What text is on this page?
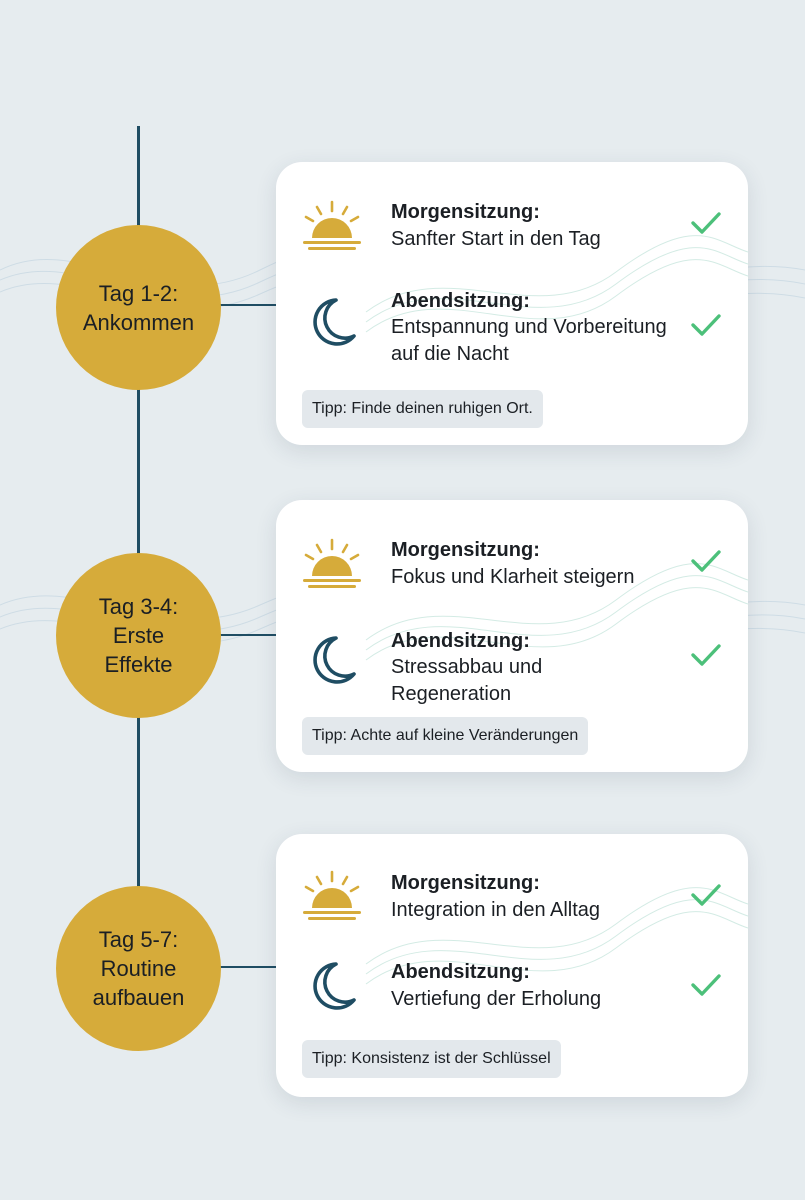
Tag 1-2:
Ankommen
Morgensitzung:
Sanfter Start in den Tag
Abendsitzung:
Entspannung und Vorbereitung auf die Nacht
Tipp: Finde deinen ruhigen Ort.
Tag 3-4:
Erste
Effekte
Morgensitzung:
Fokus und Klarheit steigern
Abendsitzung:
Stressabbau und Regeneration
Tipp: Achte auf kleine Veränderungen
Tag 5-7:
Routine
aufbauen
Morgensitzung:
Integration in den Alltag
Abendsitzung:
Vertiefung der Erholung
Tipp: Konsistenz ist der Schlüssel
